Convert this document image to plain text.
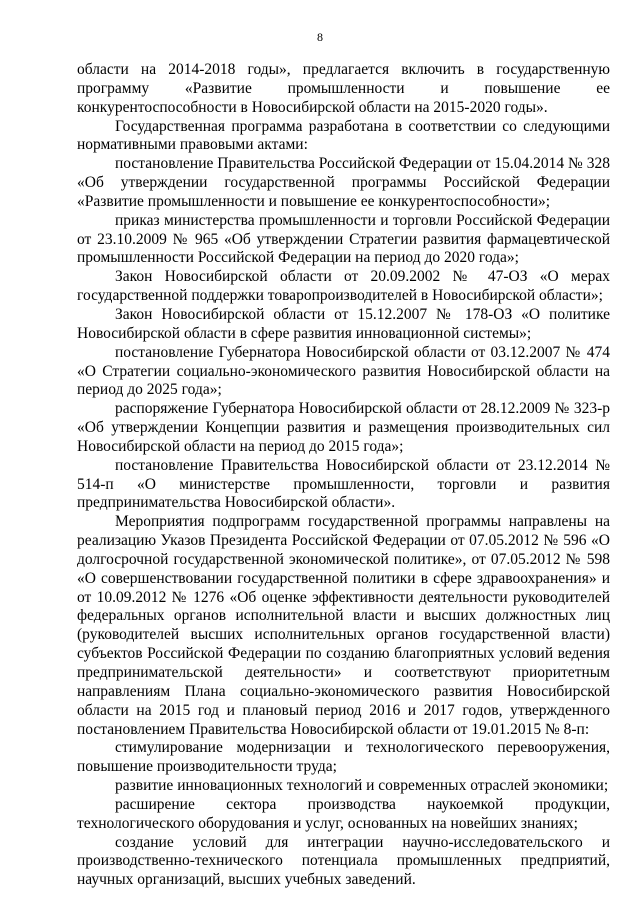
8

области на 2014-2018 годы», предлагается включить в государственную программу «Развитие промышленности и повышение ее конкурентоспособности в Новосибирской области на 2015-2020 годы».

Государственная программа разработана в соответствии со следующими нормативными правовыми актами:

постановление Правительства Российской Федерации от 15.04.2014 № 328 «Об утверждении государственной программы Российской Федерации «Развитие промышленности и повышение ее конкурентоспособности»;

приказ министерства промышленности и торговли Российской Федерации от 23.10.2009 № 965 «Об утверждении Стратегии развития фармацевтической промышленности Российской Федерации на период до 2020 года»;

Закон Новосибирской области от 20.09.2002 № 47-ОЗ «О мерах государственной поддержки товаропроизводителей в Новосибирской области»;

Закон Новосибирской области от 15.12.2007 № 178-ОЗ «О политике Новосибирской области в сфере развития инновационной системы»;

постановление Губернатора Новосибирской области от 03.12.2007 № 474 «О Стратегии социально-экономического развития Новосибирской области на период до 2025 года»;

распоряжение Губернатора Новосибирской области от 28.12.2009 № 323-р «Об утверждении Концепции развития и размещения производительных сил Новосибирской области на период до 2015 года»;

постановление Правительства Новосибирской области от 23.12.2014 № 514-п «О министерстве промышленности, торговли и развития предпринимательства Новосибирской области».

Мероприятия подпрограмм государственной программы направлены на реализацию Указов Президента Российской Федерации от 07.05.2012 № 596 «О долгосрочной государственной экономической политике», от 07.05.2012 № 598 «О совершенствовании государственной политики в сфере здравоохранения» и от 10.09.2012 № 1276 «Об оценке эффективности деятельности руководителей федеральных органов исполнительной власти и высших должностных лиц (руководителей высших исполнительных органов государственной власти) субъектов Российской Федерации по созданию благоприятных условий ведения предпринимательской деятельности» и соответствуют приоритетным направлениям Плана социально-экономического развития Новосибирской области на 2015 год и плановый период 2016 и 2017 годов, утвержденного постановлением Правительства Новосибирской области от 19.01.2015 № 8-п:

стимулирование модернизации и технологического перевооружения, повышение производительности труда;

развитие инновационных технологий и современных отраслей экономики;

расширение сектора производства наукоемкой продукции, технологического оборудования и услуг, основанных на новейших знаниях;

создание условий для интеграции научно-исследовательского и производственно-технического потенциала промышленных предприятий, научных организаций, высших учебных заведений.
